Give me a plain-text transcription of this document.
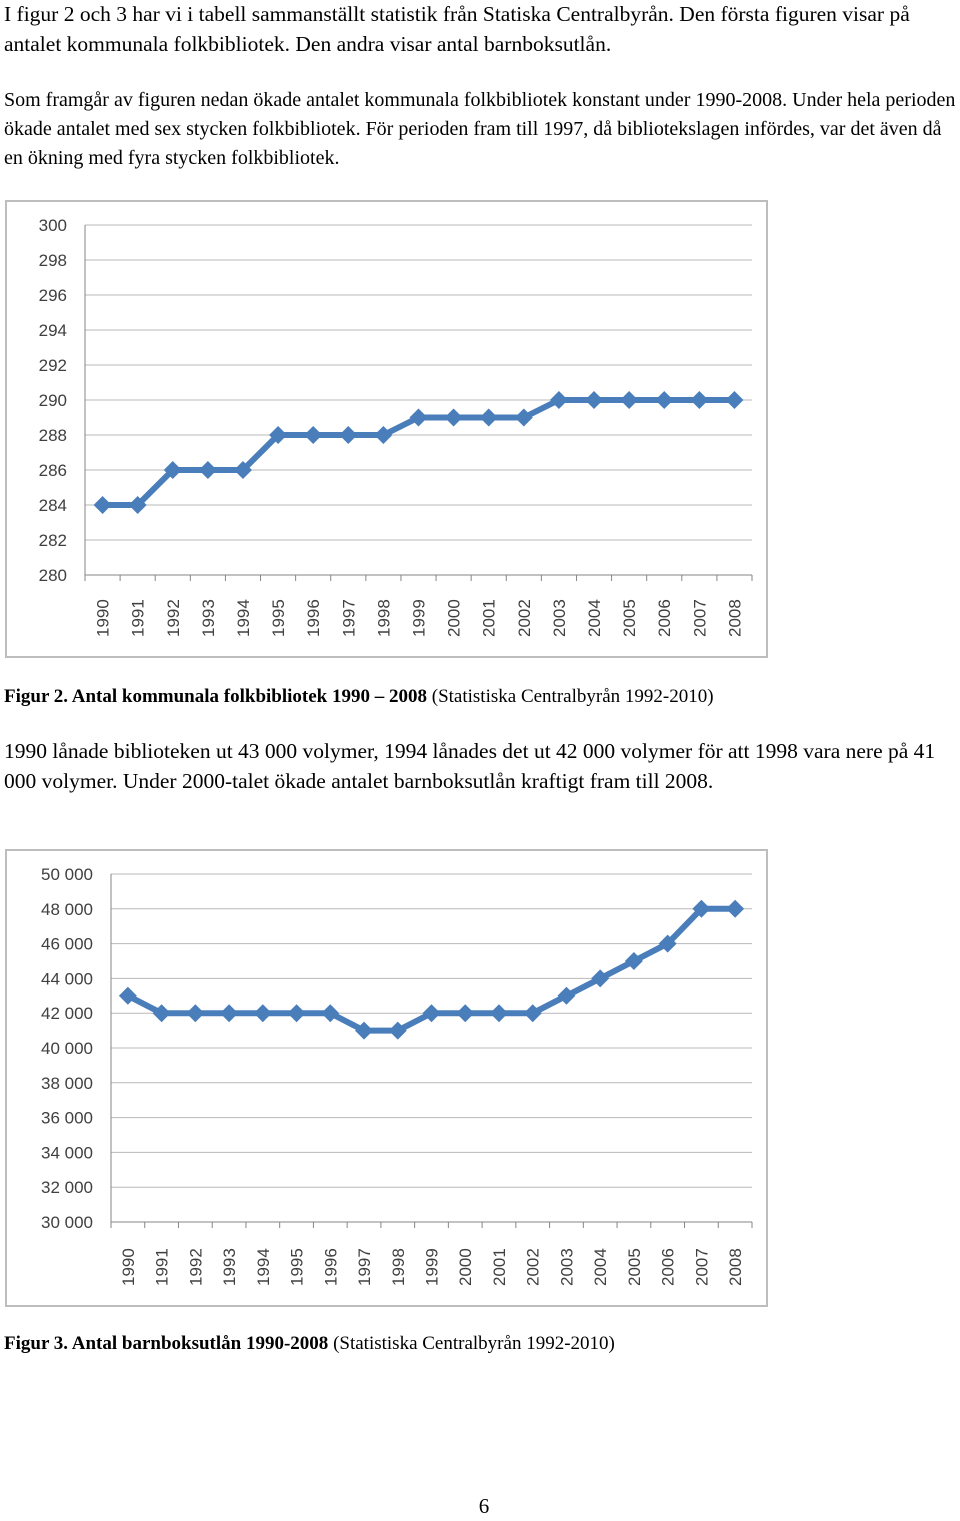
I figur 2 och 3 har vi i tabell sammanställt statistik från Statiska Centralbyrån. Den första figuren visar på antalet kommunala folkbibliotek. Den andra visar antal barnboksutlån.

Som framgår av figuren nedan ökade antalet kommunala folkbibliotek konstant under 1990-2008. Under hela perioden ökade antalet med sex stycken folkbibliotek. För perioden fram till 1997, då bibliotekslagen infördes, var det även då en ökning med fyra stycken folkbibliotek.

280
282
284
286
288
290
292
294
296
298
300
1990 1991 1992 1993 1994 1995 1996 1997 1998 1999 2000 2001 2002 2003 2004 2005 2006 2007 2008

Figur 2. Antal kommunala folkbibliotek 1990 – 2008 (Statistiska Centralbyrån 1992-2010)

1990 lånade biblioteken ut 43 000 volymer, 1994 lånades det ut 42 000 volymer för att 1998 vara nere på 41 000 volymer. Under 2000-talet ökade antalet barnboksutlån kraftigt fram till 2008.

30 000
32 000
34 000
36 000
38 000
40 000
42 000
44 000
46 000
48 000
50 000
1990 1991 1992 1993 1994 1995 1996 1997 1998 1999 2000 2001 2002 2003 2004 2005 2006 2007 2008

Figur 3. Antal barnboksutlån 1990-2008 (Statistiska Centralbyrån 1992-2010)

6
